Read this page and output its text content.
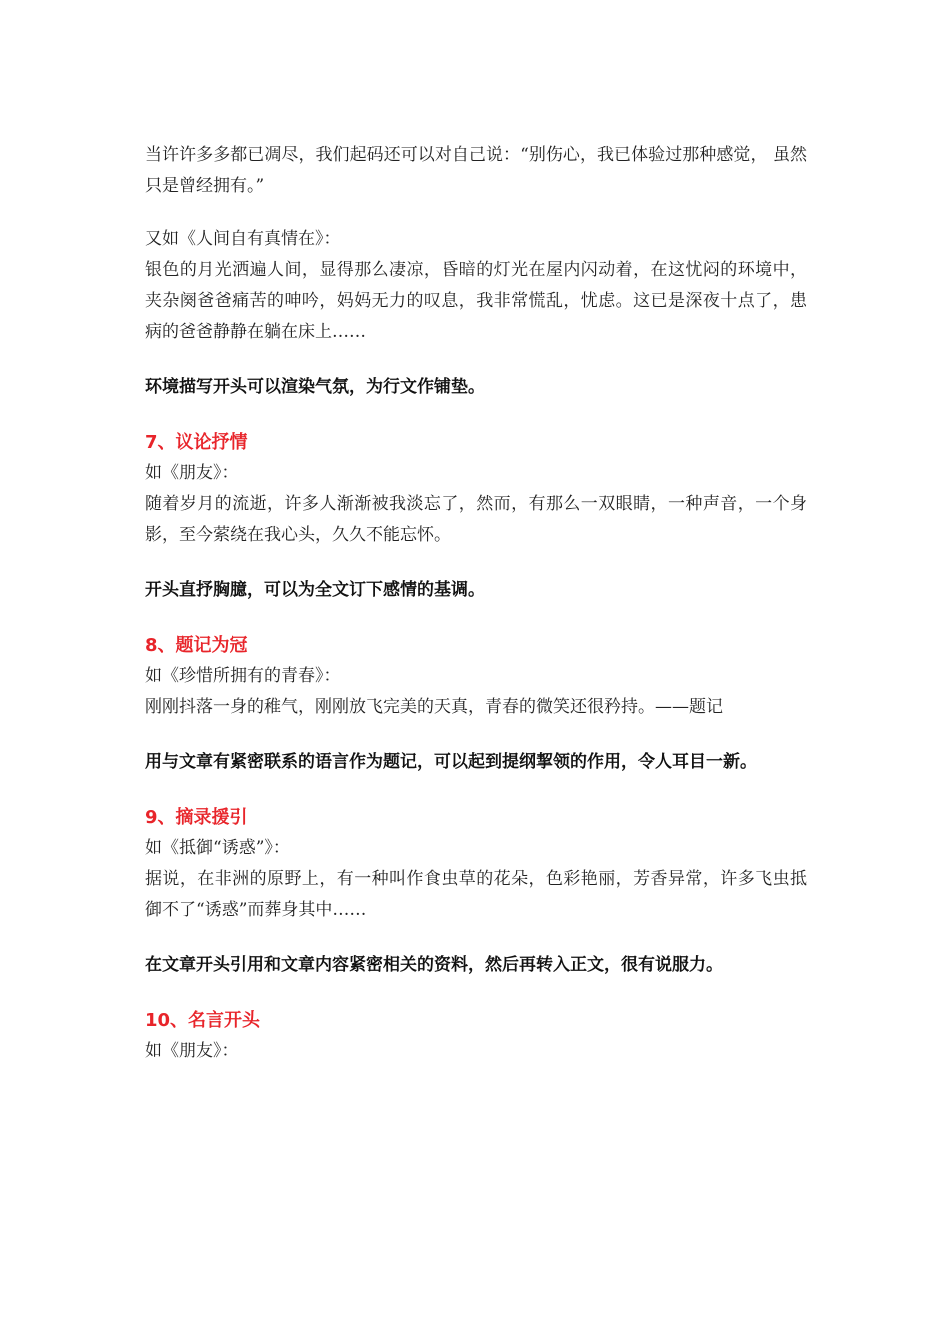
当许许多多都已凋尽，我们起码还可以对自己说：“别伤心，我已体验过那种感觉， 虽然只是曾经拥有。”

又如《人间自有真情在》：

银色的月光洒遍人间，显得那么凄凉，昏暗的灯光在屋内闪动着，在这忧闷的环境中，夹杂阕爸爸痛苦的呻吟，妈妈无力的叹息，我非常慌乱，忧虑。这已是深夜十点了，患病的爸爸静静在躺在床上……

环境描写开头可以渲染气氛，为行文作铺垫。

7、议论抒情

如《朋友》：

随着岁月的流逝，许多人渐渐被我淡忘了，然而，有那么一双眼睛，一种声音，一个身影，至今萦绕在我心头，久久不能忘怀。

开头直抒胸臆，可以为全文订下感情的基调。

8、题记为冠

如《珍惜所拥有的青春》：

刚刚抖落一身的稚气，刚刚放飞完美的天真，青春的微笑还很矜持。——题记

用与文章有紧密联系的语言作为题记，可以起到提纲挈领的作用，令人耳目一新。

9、摘录援引

如《抵御“诱惑”》：

据说，在非洲的原野上，有一种叫作食虫草的花朵，色彩艳丽，芳香异常，许多飞虫抵御不了“诱惑”而葬身其中……

在文章开头引用和文章内容紧密相关的资料，然后再转入正文，很有说服力。

10、名言开头

如《朋友》：
